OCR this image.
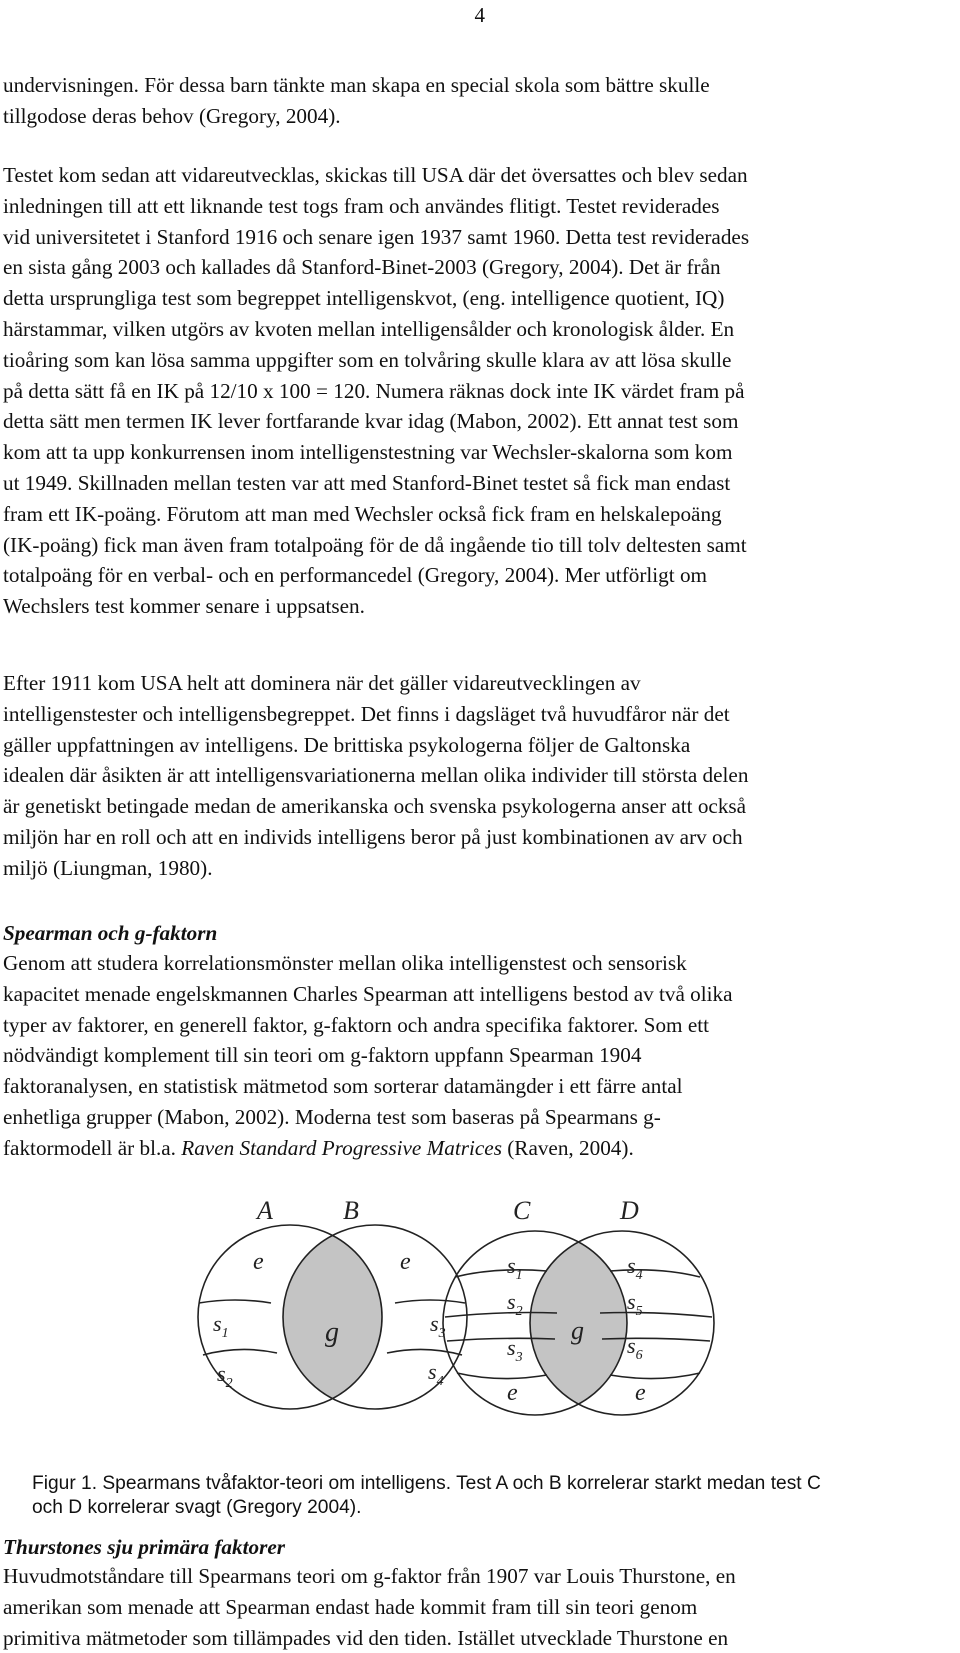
4

undervisningen. För dessa barn tänkte man skapa en special skola som bättre skulle
tillgodose deras behov (Gregory, 2004).

Testet kom sedan att vidareutvecklas, skickas till USA där det översattes och blev sedan
inledningen till att ett liknande test togs fram och användes flitigt. Testet reviderades
vid universitetet i Stanford 1916 och senare igen 1937 samt 1960. Detta test reviderades
en sista gång 2003 och kallades då Stanford-Binet-2003 (Gregory, 2004). Det är från
detta ursprungliga test som begreppet intelligenskvot, (eng. intelligence quotient, IQ)
härstammar, vilken utgörs av kvoten mellan intelligensålder och kronologisk ålder. En
tioåring som kan lösa samma uppgifter som en tolvåring skulle klara av att lösa skulle
på detta sätt få en IK på 12/10 x 100 = 120. Numera räknas dock inte IK värdet fram på
detta sätt men termen IK lever fortfarande kvar idag (Mabon, 2002). Ett annat test som
kom att ta upp konkurrensen inom intelligenstestning var Wechsler-skalorna som kom
ut 1949. Skillnaden mellan testen var att med Stanford-Binet testet så fick man endast
fram ett IK-poäng. Förutom att man med Wechsler också fick fram en helskalepoäng
(IK-poäng) fick man även fram totalpoäng för de då ingående tio till tolv deltesten samt
totalpoäng för en verbal- och en performancedel (Gregory, 2004). Mer utförligt om
Wechslers test kommer senare i uppsatsen.

Efter 1911 kom USA helt att dominera när det gäller vidareutvecklingen av
intelligenstester och intelligensbegreppet. Det finns i dagsläget två huvudfåror när det
gäller uppfattningen av intelligens. De brittiska psykologerna följer de Galtonska
idealen där åsikten är att intelligensvariationerna mellan olika individer till största delen
är genetiskt betingade medan de amerikanska och svenska psykologerna anser att också
miljön har en roll och att en individs intelligens beror på just kombinationen av arv och
miljö (Liungman, 1980).

Spearman och g-faktorn

Genom att studera korrelationsmönster mellan olika intelligenstest och sensorisk
kapacitet menade engelskmannen Charles Spearman att intelligens bestod av två olika
typer av faktorer, en generell faktor, g-faktorn och andra specifika faktorer. Som ett
nödvändigt komplement till sin teori om g-faktorn uppfann Spearman 1904
faktoranalysen, en statistisk mätmetod som sorterar datamängder i ett färre antal
enhetliga grupper (Mabon, 2002). Moderna test som baseras på Spearmans g-
faktormodell är bl.a. Raven Standard Progressive Matrices (Raven, 2004).

A	B
e	e
g
$s_1$
$s_2$
$s_3$
$s_4$
C	D
g
$s_1$
$s_2$
$s_3$
$s_4$
$s_5$
$s_6$
e	e

Figur 1. Spearmans tvåfaktor-teori om intelligens. Test A och B korrelerar starkt medan test C
och D korrelerar svagt (Gregory 2004).

Thurstones sju primära faktorer

Huvudmotståndare till Spearmans teori om g-faktor från 1907 var Louis Thurstone, en
amerikan som menade att Spearman endast hade kommit fram till sin teori genom
primitiva mätmetoder som tillämpades vid den tiden. Istället utvecklade Thurstone en
